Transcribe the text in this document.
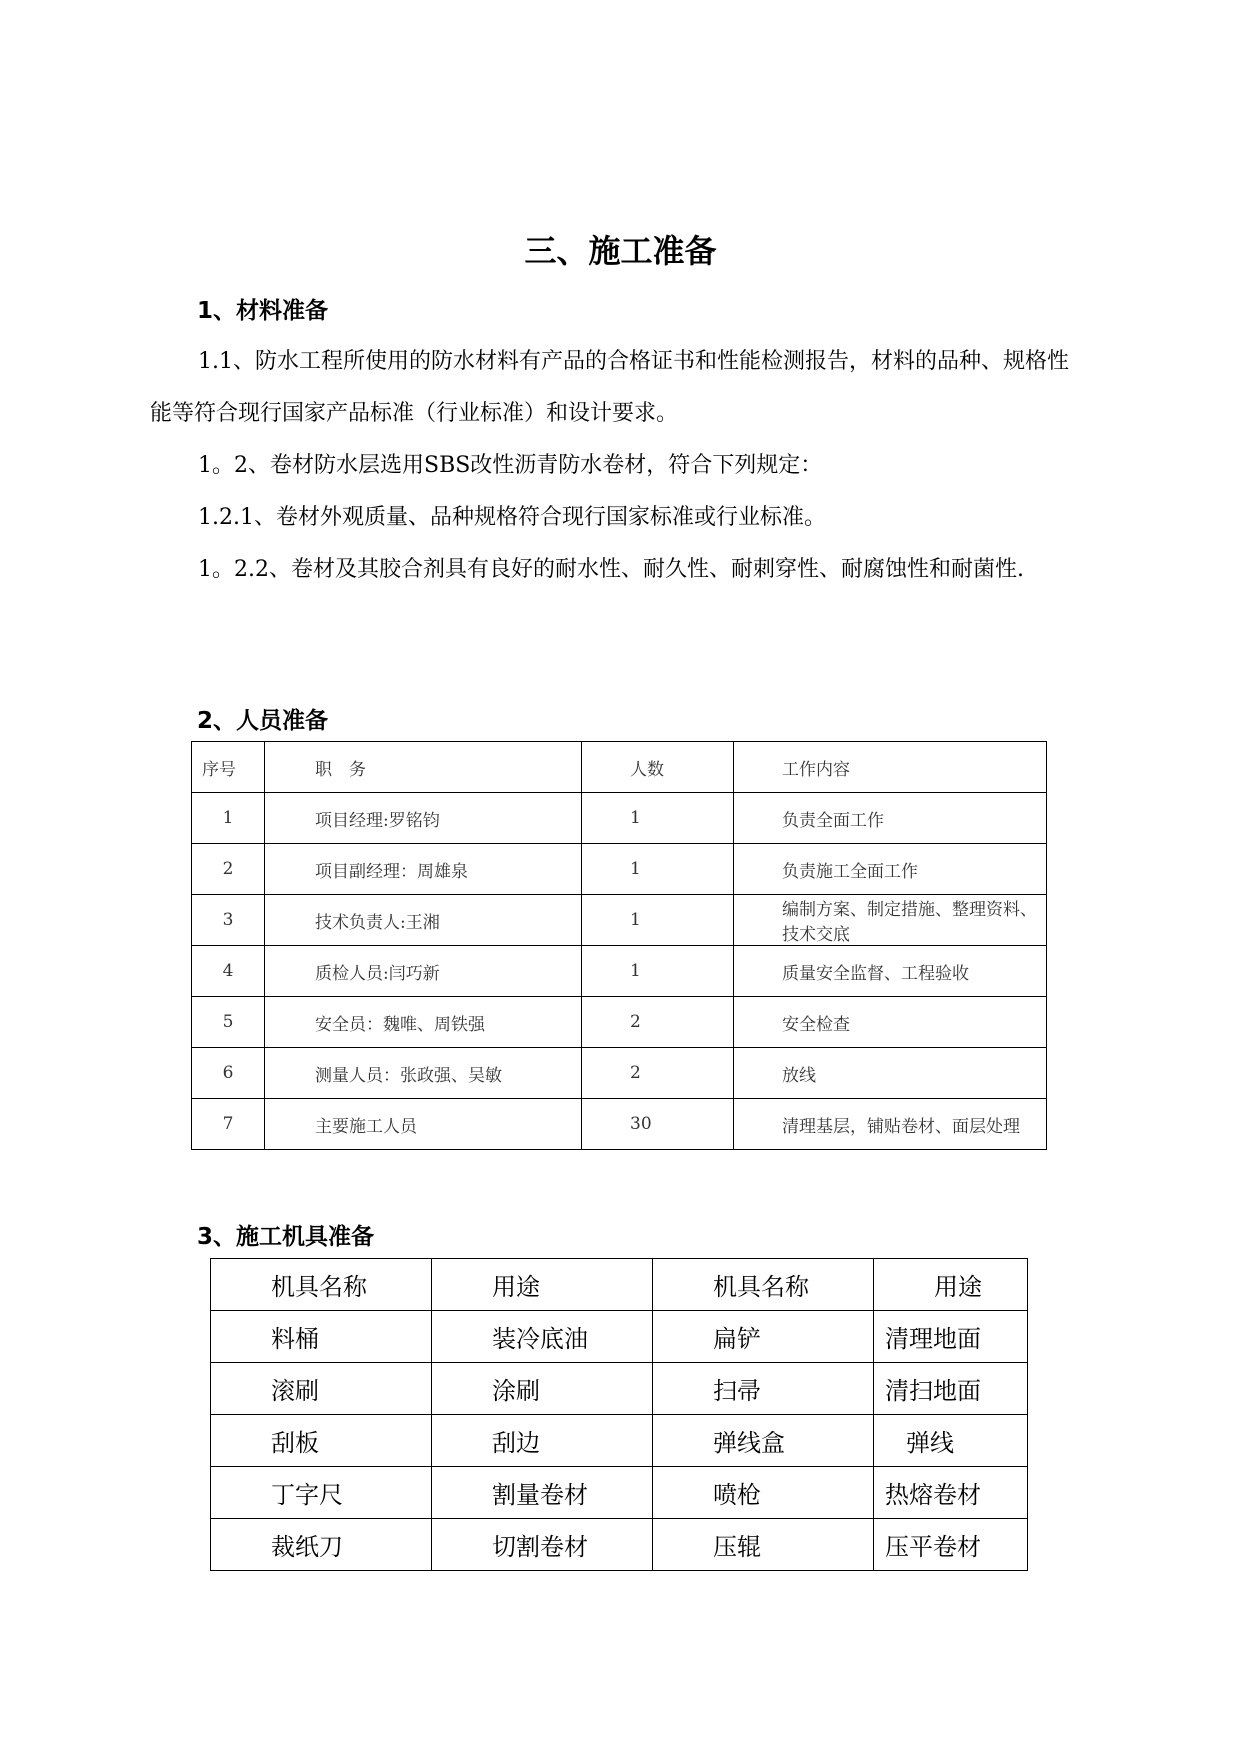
三、施工准备
1、材料准备
1.1、防水工程所使用的防水材料有产品的合格证书和性能检测报告，材料的品种、规格性能等符合现行国家产品标准（行业标准）和设计要求。
1。2、卷材防水层选用SBS改性沥青防水卷材，符合下列规定：
1.2.1、卷材外观质量、品种规格符合现行国家标准或行业标准。
1。2.2、卷材及其胶合剂具有良好的耐水性、耐久性、耐刺穿性、耐腐蚀性和耐菌性.
2、人员准备
序号	职　务	人数	工作内容
1	项目经理:罗铭钧	1	负责全面工作
2	项目副经理：周雄泉	1	负责施工全面工作
3	技术负责人:王湘	1	编制方案、制定措施、整理资料、技术交底
4	质检人员:闫巧新	1	质量安全监督、工程验收
5	安全员：魏唯、周铁强	2	安全检查
6	测量人员：张政强、吴敏	2	放线
7	主要施工人员	30	清理基层，铺贴卷材、面层处理
3、施工机具准备
机具名称	用途	机具名称	用途
料桶	装冷底油	扁铲	清理地面
滚刷	涂刷	扫帚	清扫地面
刮板	刮边	弹线盒	弹线
丁字尺	割量卷材	喷枪	热熔卷材
裁纸刀	切割卷材	压辊	压平卷材
